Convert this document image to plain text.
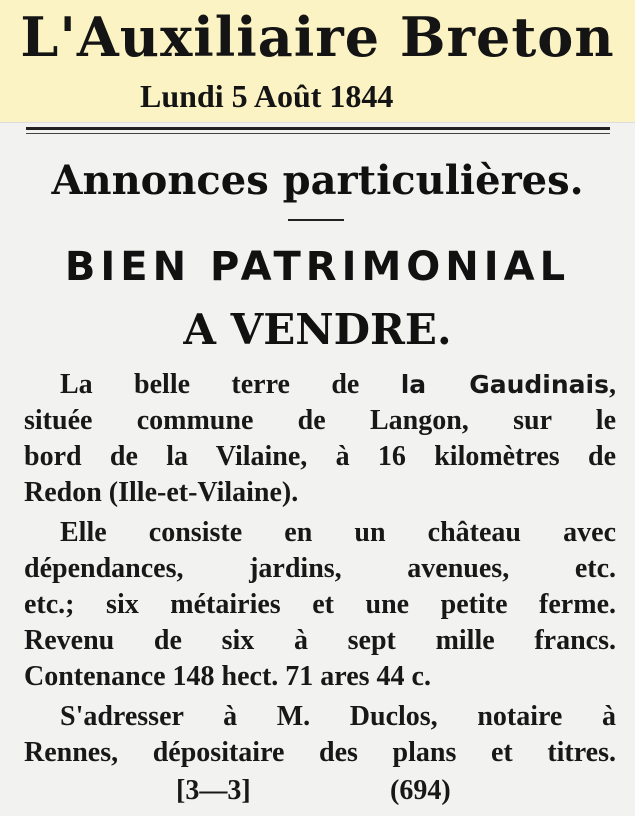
L'Auxiliaire Breton
Lundi 5 Août 1844
Annonces particulières.
BIEN PATRIMONIAL
A VENDRE.
La belle terre de la Gaudinais,
située commune de Langon, sur le
bord de la Vilaine, à 16 kilomètres de
Redon (Ille-et-Vilaine).
Elle consiste en un château avec
dépendances, jardins, avenues, etc.
etc.; six métairies et une petite ferme.
Revenu de six à sept mille francs.
Contenance 148 hect. 71 ares 44 c.
S'adresser à M. Duclos, notaire à
Rennes, dépositaire des plans et titres.
[3—3]	(694)
